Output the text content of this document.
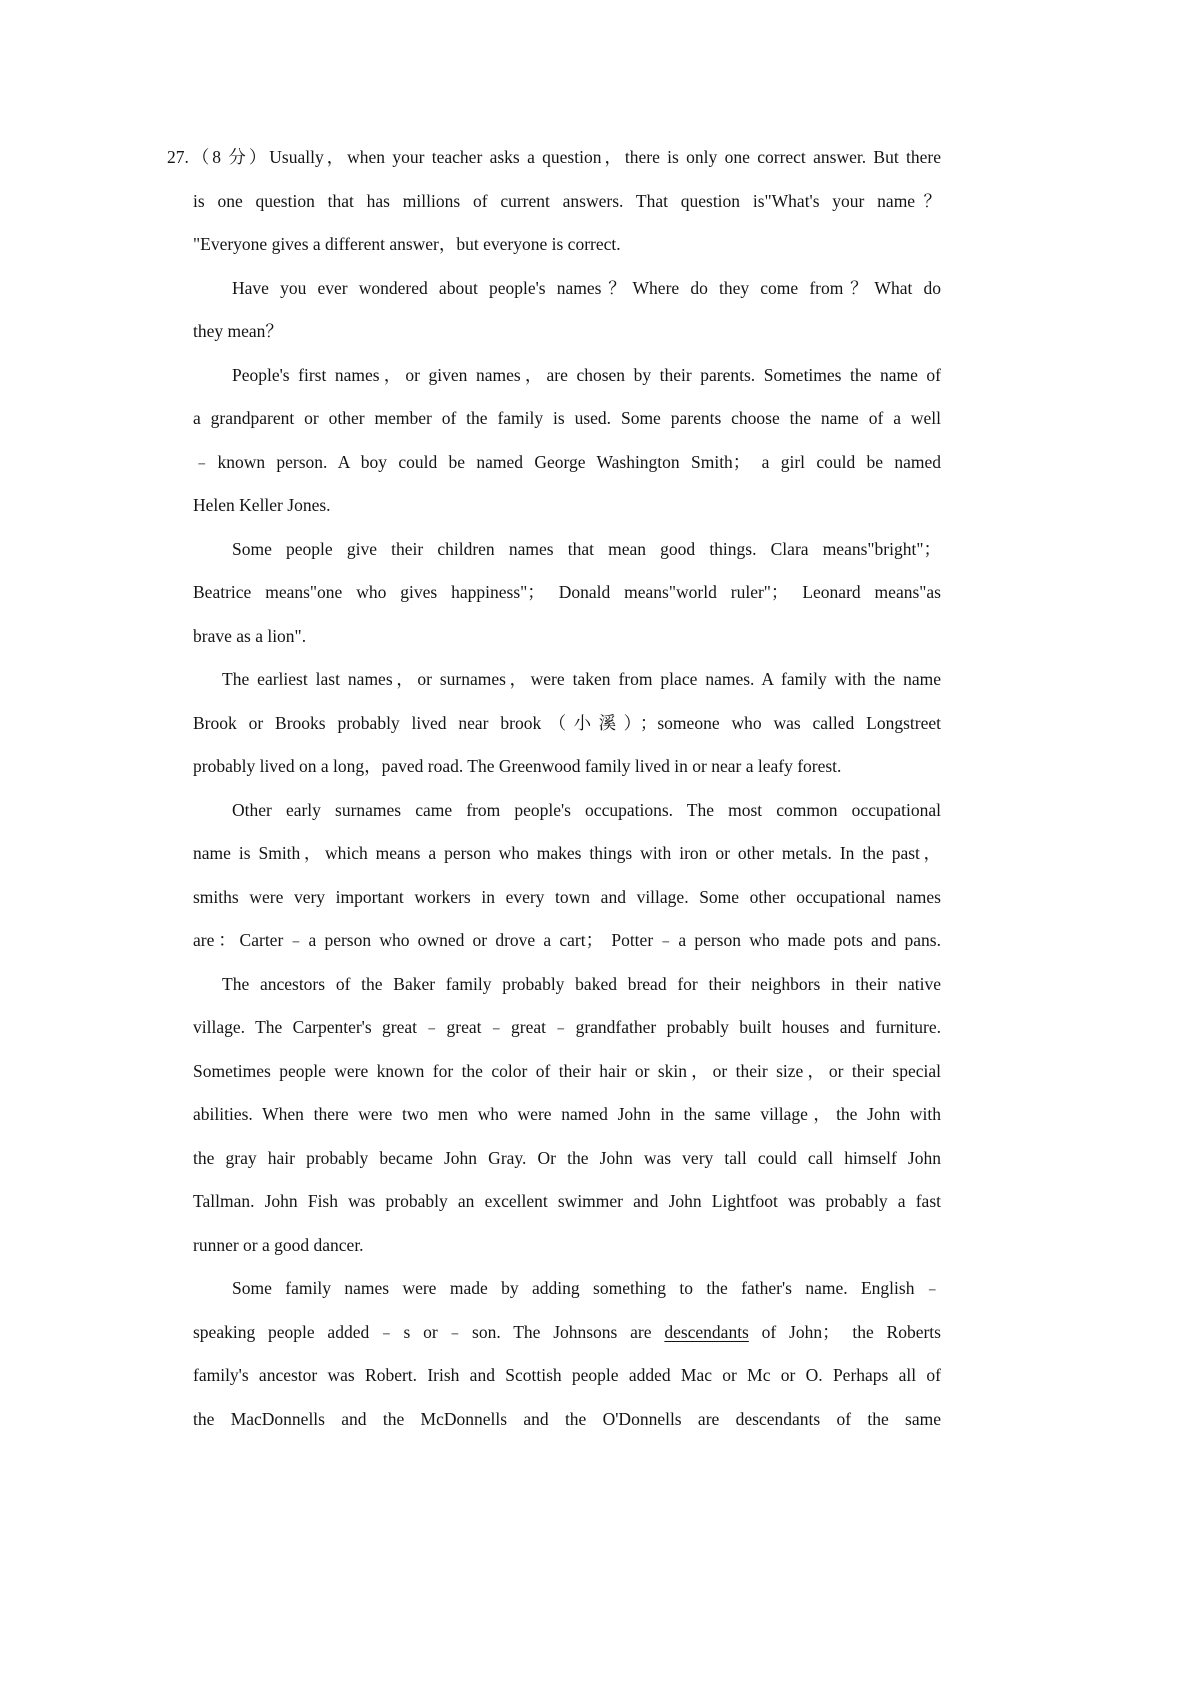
27.（8 分）Usually，when your teacher asks a question，there is only one correct answer. But there
is one question that has millions of current answers. That question is"What's your name？
"Everyone gives a different answer，but everyone is correct.
Have you ever wondered about people's names？Where do they come from？What do
they mean？
People's first names，or given names，are chosen by their parents. Sometimes the name of
a grandparent or other member of the family is used. Some parents choose the name of a well
﹣known person. A boy could be named George Washington Smith； a girl could be named
Helen Keller Jones.
Some people give their children names that mean good things. Clara means"bright"；
Beatrice means"one who gives happiness"； Donald means"world ruler"； Leonard means"as
brave as a lion".
The earliest last names，or surnames，were taken from place names. A family with the name
Brook or Brooks probably lived near brook（小溪）；someone who was called Longstreet
probably lived on a long，paved road. The Greenwood family lived in or near a leafy forest.
Other early surnames came from people's occupations. The most common occupational
name is Smith，which means a person who makes things with iron or other metals. In the past，
smiths were very important workers in every town and village. Some other occupational names
are：Carter﹣a person who owned or drove a cart； Potter﹣a person who made pots and pans.
The ancestors of the Baker family probably baked bread for their neighbors in their native
village. The Carpenter's great﹣great﹣great﹣grandfather probably built houses and furniture.
Sometimes people were known for the color of their hair or skin，or their size，or their special
abilities. When there were two men who were named John in the same village，the John with
the gray hair probably became John Gray. Or the John was very tall could call himself John
Tallman. John Fish was probably an excellent swimmer and John Lightfoot was probably a fast
runner or a good dancer.
Some family names were made by adding something to the father's name. English﹣
speaking people added﹣s or﹣son. The Johnsons are descendants of John； the Roberts
family's ancestor was Robert. Irish and Scottish people added Mac or Mc or O. Perhaps all of
the MacDonnells and the McDonnells and the O'Donnells are descendants of the same
